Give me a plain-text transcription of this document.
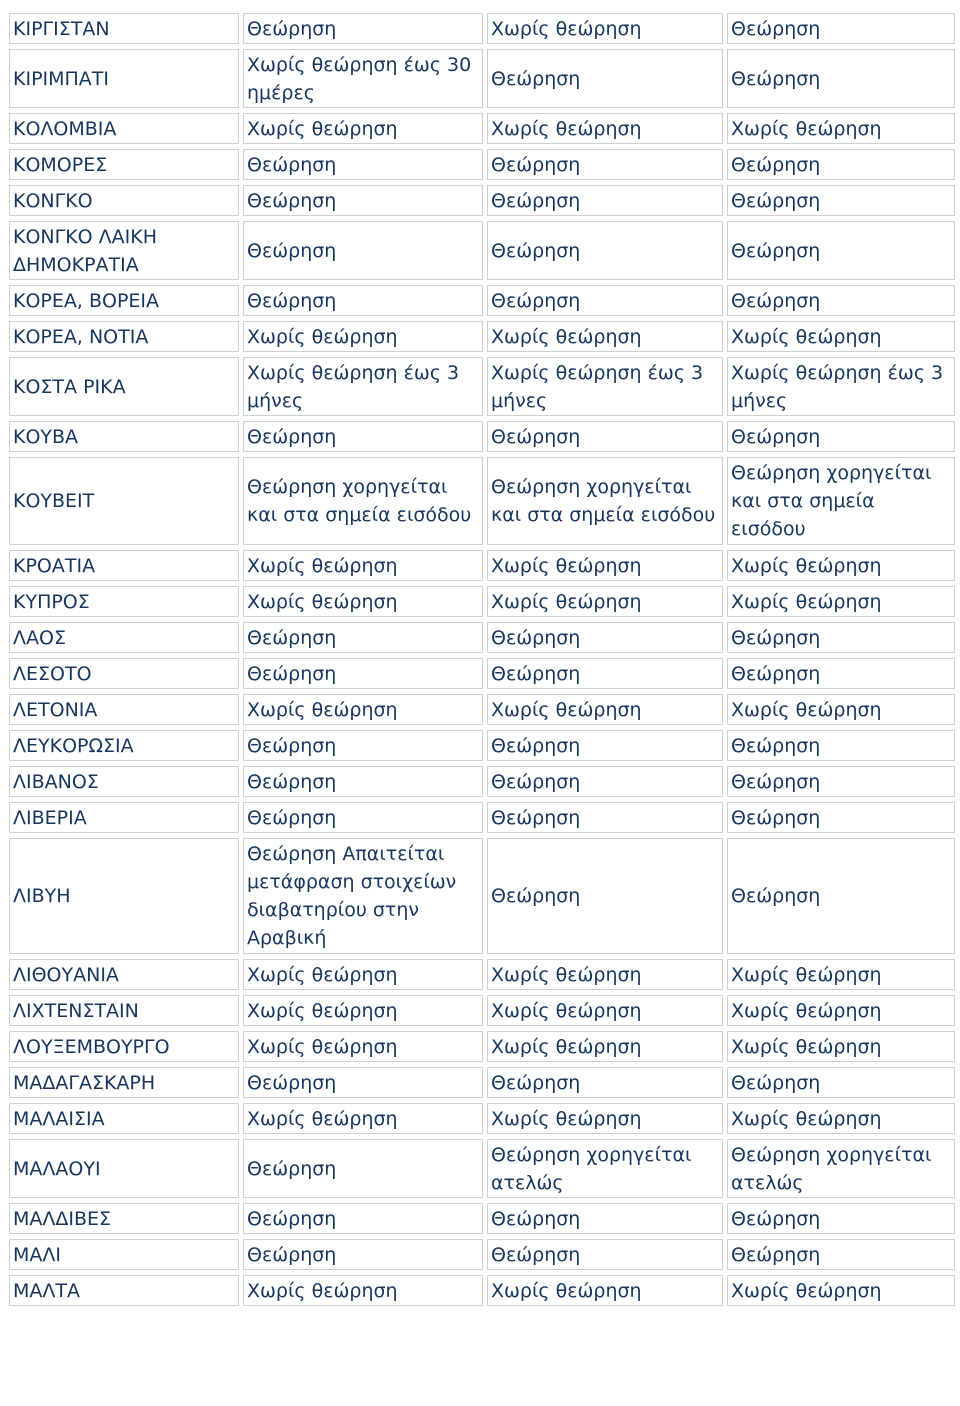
ΚΙΡΓΙΣΤΑΝ	Θεώρηση	Χωρίς θεώρηση	Θεώρηση
ΚΙΡΙΜΠΑΤΙ	Χωρίς θεώρηση έως 30 ημέρες	Θεώρηση	Θεώρηση
ΚΟΛΟΜΒΙΑ	Χωρίς θεώρηση	Χωρίς θεώρηση	Χωρίς θεώρηση
ΚΟΜΟΡΕΣ	Θεώρηση	Θεώρηση	Θεώρηση
ΚΟΝΓΚΟ	Θεώρηση	Θεώρηση	Θεώρηση
ΚΟΝΓΚΟ ΛΑΙΚΗ ΔΗΜΟΚΡΑΤΙΑ	Θεώρηση	Θεώρηση	Θεώρηση
ΚΟΡΕΑ, ΒΟΡΕΙΑ	Θεώρηση	Θεώρηση	Θεώρηση
ΚΟΡΕΑ, ΝΟΤΙΑ	Χωρίς θεώρηση	Χωρίς θεώρηση	Χωρίς θεώρηση
ΚΟΣΤΑ ΡΙΚΑ	Χωρίς θεώρηση έως 3 μήνες	Χωρίς θεώρηση έως 3 μήνες	Χωρίς θεώρηση έως 3 μήνες
ΚΟΥΒΑ	Θεώρηση	Θεώρηση	Θεώρηση
ΚΟΥΒΕΙΤ	Θεώρηση χορηγείται και στα σημεία εισόδου	Θεώρηση χορηγείται και στα σημεία εισόδου	Θεώρηση χορηγείται και στα σημεία εισόδου
ΚΡΟΑΤΙΑ	Χωρίς θεώρηση	Χωρίς θεώρηση	Χωρίς θεώρηση
ΚΥΠΡΟΣ	Χωρίς θεώρηση	Χωρίς θεώρηση	Χωρίς θεώρηση
ΛΑΟΣ	Θεώρηση	Θεώρηση	Θεώρηση
ΛΕΣΟΤΟ	Θεώρηση	Θεώρηση	Θεώρηση
ΛΕΤΟΝΙΑ	Χωρίς θεώρηση	Χωρίς θεώρηση	Χωρίς θεώρηση
ΛΕΥΚΟΡΩΣΙΑ	Θεώρηση	Θεώρηση	Θεώρηση
ΛΙΒΑΝΟΣ	Θεώρηση	Θεώρηση	Θεώρηση
ΛΙΒΕΡΙΑ	Θεώρηση	Θεώρηση	Θεώρηση
ΛΙΒΥΗ	Θεώρηση Απαιτείται μετάφραση στοιχείων διαβατηρίου στην Αραβική	Θεώρηση	Θεώρηση
ΛΙΘΟΥΑΝΙΑ	Χωρίς θεώρηση	Χωρίς θεώρηση	Χωρίς θεώρηση
ΛΙΧΤΕΝΣΤΑΙΝ	Χωρίς θεώρηση	Χωρίς θεώρηση	Χωρίς θεώρηση
ΛΟΥΞΕΜΒΟΥΡΓΟ	Χωρίς θεώρηση	Χωρίς θεώρηση	Χωρίς θεώρηση
ΜΑΔΑΓΑΣΚΑΡΗ	Θεώρηση	Θεώρηση	Θεώρηση
ΜΑΛΑΙΣΙΑ	Χωρίς θεώρηση	Χωρίς θεώρηση	Χωρίς θεώρηση
ΜΑΛΑΟΥΙ	Θεώρηση	Θεώρηση χορηγείται ατελώς	Θεώρηση χορηγείται ατελώς
ΜΑΛΔΙΒΕΣ	Θεώρηση	Θεώρηση	Θεώρηση
ΜΑΛΙ	Θεώρηση	Θεώρηση	Θεώρηση
ΜΑΛΤΑ	Χωρίς θεώρηση	Χωρίς θεώρηση	Χωρίς θεώρηση
